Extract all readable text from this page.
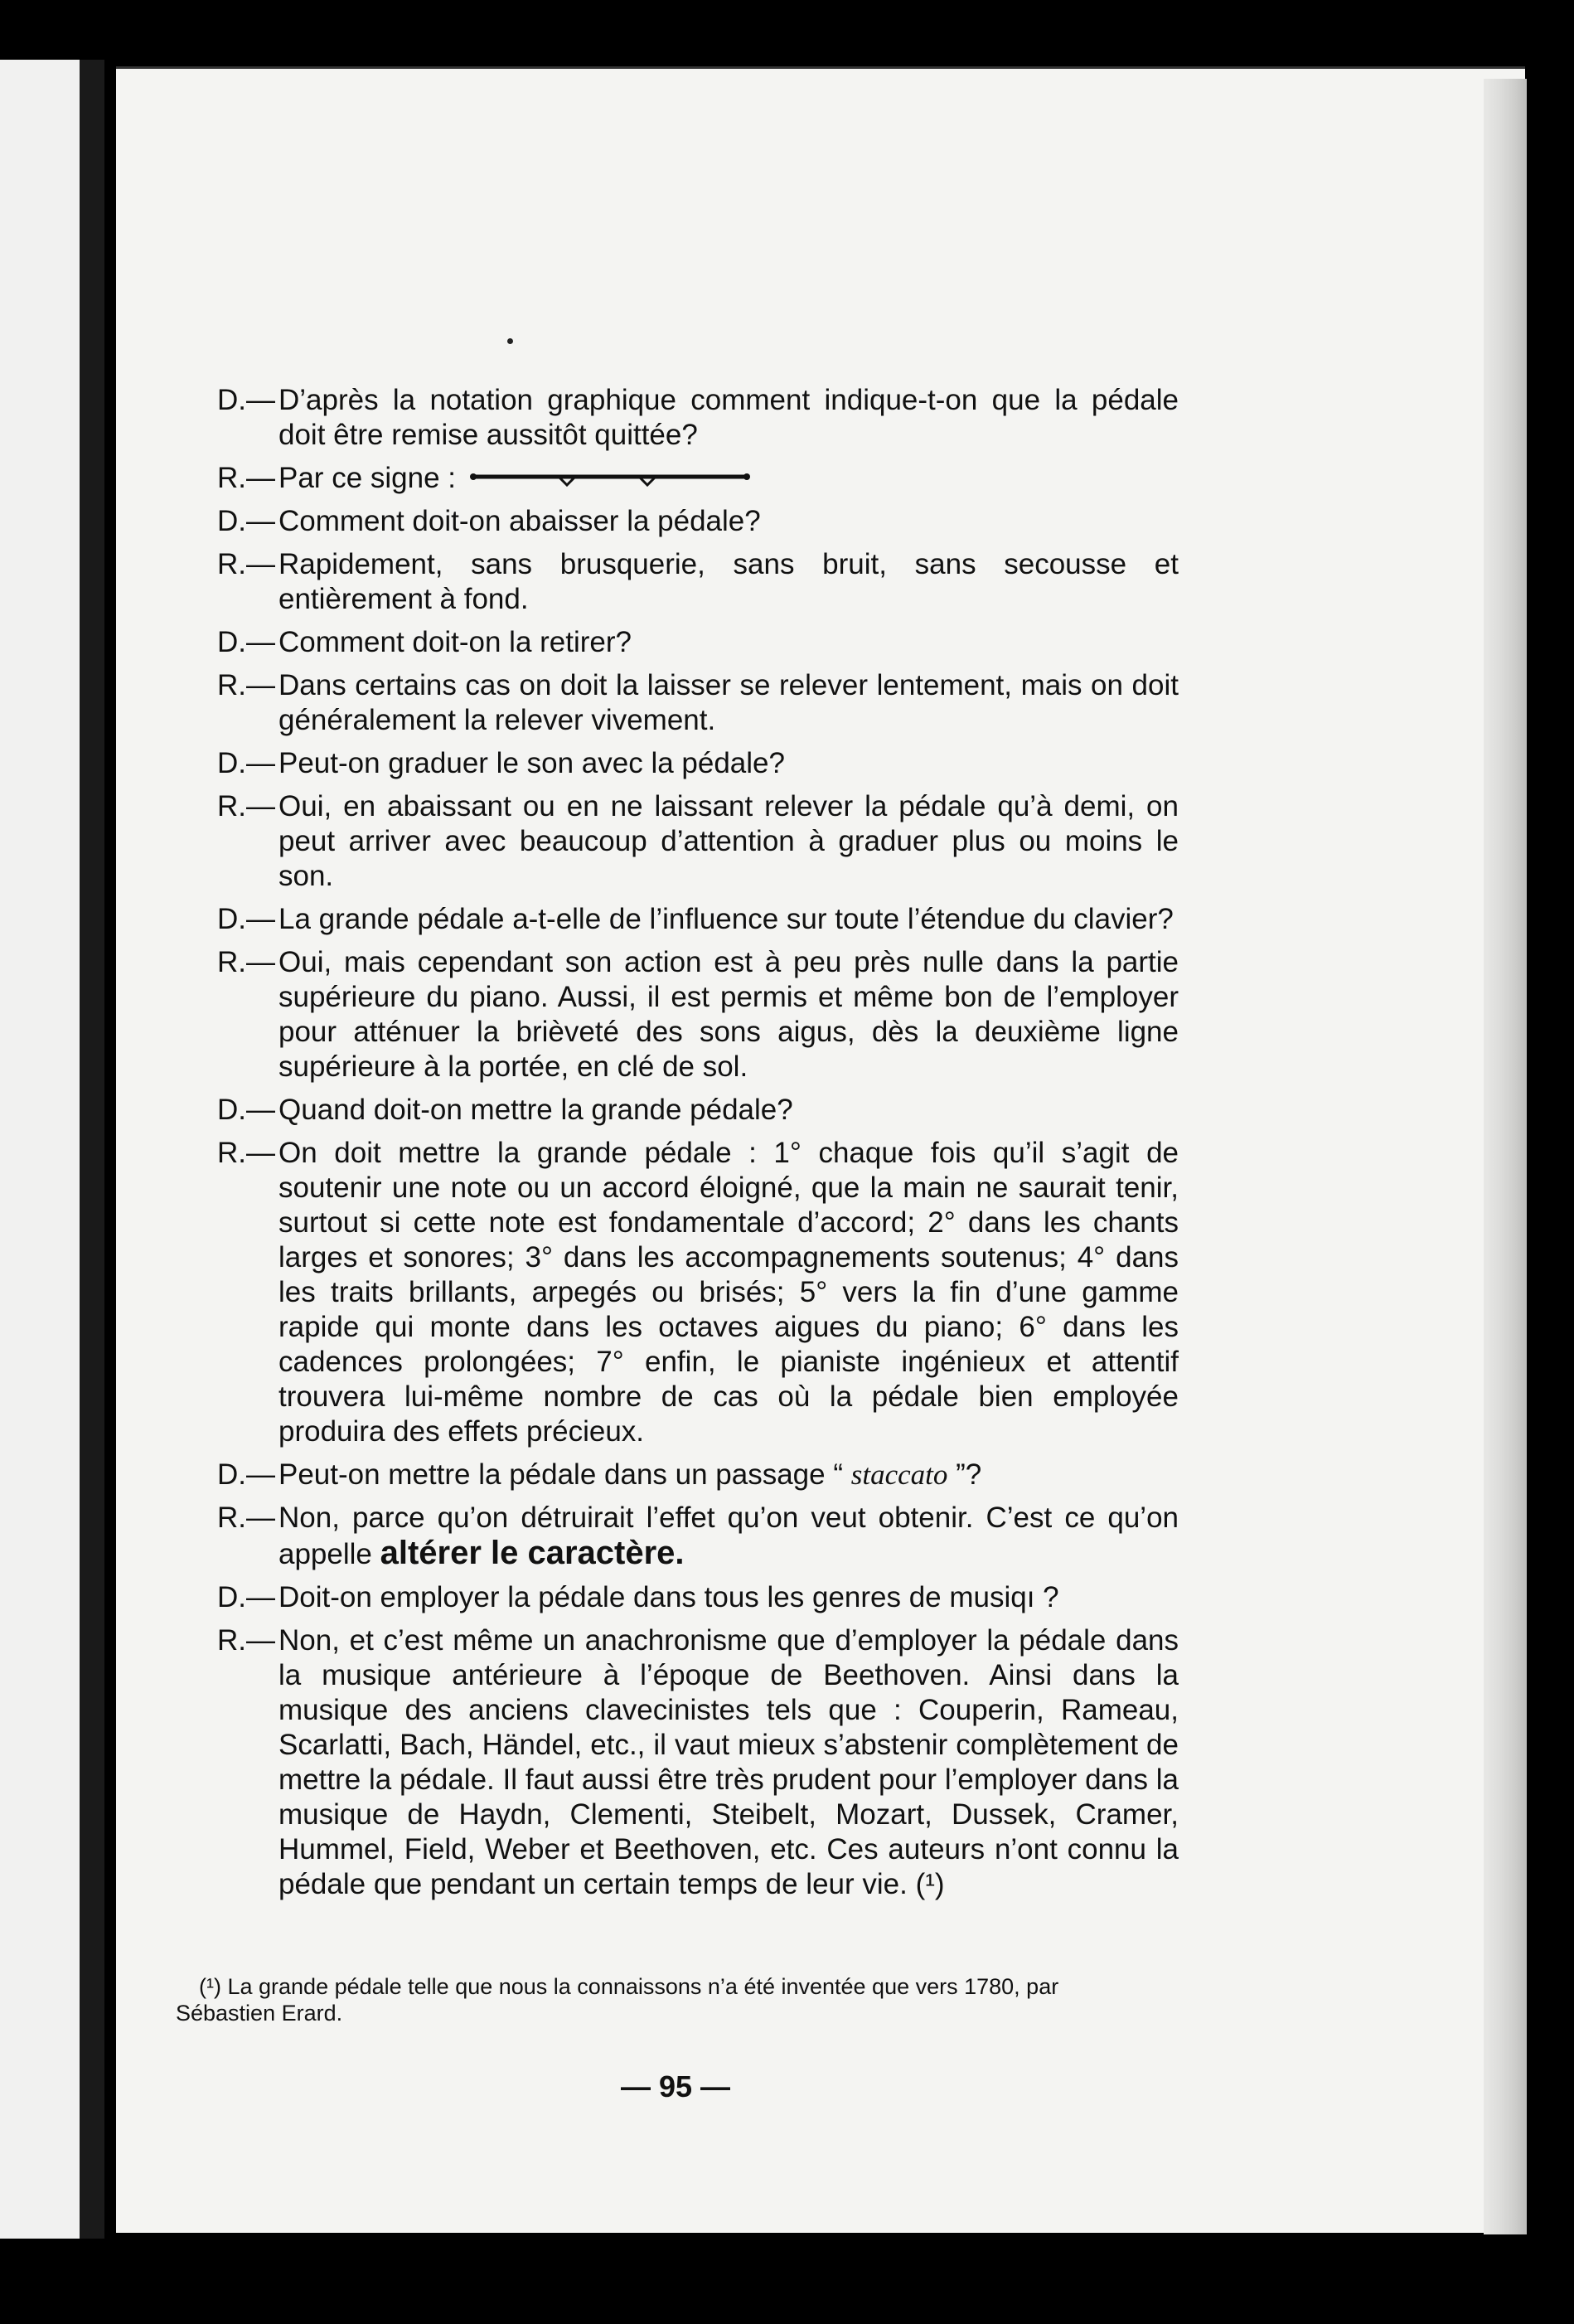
D.— D’après la notation graphique comment indique-t-on que la pédale doit être remise aussitôt quittée?
R.— Par ce signe :
D.— Comment doit-on abaisser la pédale?
R.— Rapidement, sans brusquerie, sans bruit, sans secousse et entièrement à fond.
D.— Comment doit-on la retirer?
R.— Dans certains cas on doit la laisser se relever lentement, mais on doit généralement la relever vivement.
D.— Peut-on graduer le son avec la pédale?
R.— Oui, en abaissant ou en ne laissant relever la pédale qu’à demi, on peut arriver avec beaucoup d’attention à graduer plus ou moins le son.
D.— La grande pédale a-t-elle de l’influence sur toute l’étendue du clavier?
R.— Oui, mais cependant son action est à peu près nulle dans la partie supérieure du piano. Aussi, il est permis et même bon de l’employer pour atténuer la brièveté des sons aigus, dès la deuxième ligne supérieure à la portée, en clé de sol.
D.— Quand doit-on mettre la grande pédale?
R.— On doit mettre la grande pédale : 1° chaque fois qu’il s’agit de soutenir une note ou un accord éloigné, que la main ne saurait tenir, surtout si cette note est fondamentale d’accord; 2° dans les chants larges et sonores; 3° dans les accompagnements soutenus; 4° dans les traits brillants, arpegés ou brisés; 5° vers la fin d’une gamme rapide qui monte dans les octaves aigues du piano; 6° dans les cadences prolongées; 7° enfin, le pianiste ingénieux et attentif trouvera lui-même nombre de cas où la pédale bien employée produira des effets précieux.
D.— Peut-on mettre la pédale dans un passage “ staccato ”?
R.— Non, parce qu’on détruirait l’effet qu’on veut obtenir. C’est ce qu’on appelle altérer le caractère.
D.— Doit-on employer la pédale dans tous les genres de musiqı ?
R.— Non, et c’est même un anachronisme que d’employer la pédale dans la musique antérieure à l’époque de Beethoven. Ainsi dans la musique des anciens clavecinistes tels que : Couperin, Rameau, Scarlatti, Bach, Händel, etc., il vaut mieux s’abstenir complètement de mettre la pédale. Il faut aussi être très prudent pour l’employer dans la musique de Haydn, Clementi, Steibelt, Mozart, Dussek, Cramer, Hummel, Field, Weber et Beethoven, etc. Ces auteurs n’ont connu la pédale que pendant un certain temps de leur vie. (¹)
(¹) La grande pédale telle que nous la connaissons n’a été inventée que vers 1780, par Sébastien Erard.
— 95 —
